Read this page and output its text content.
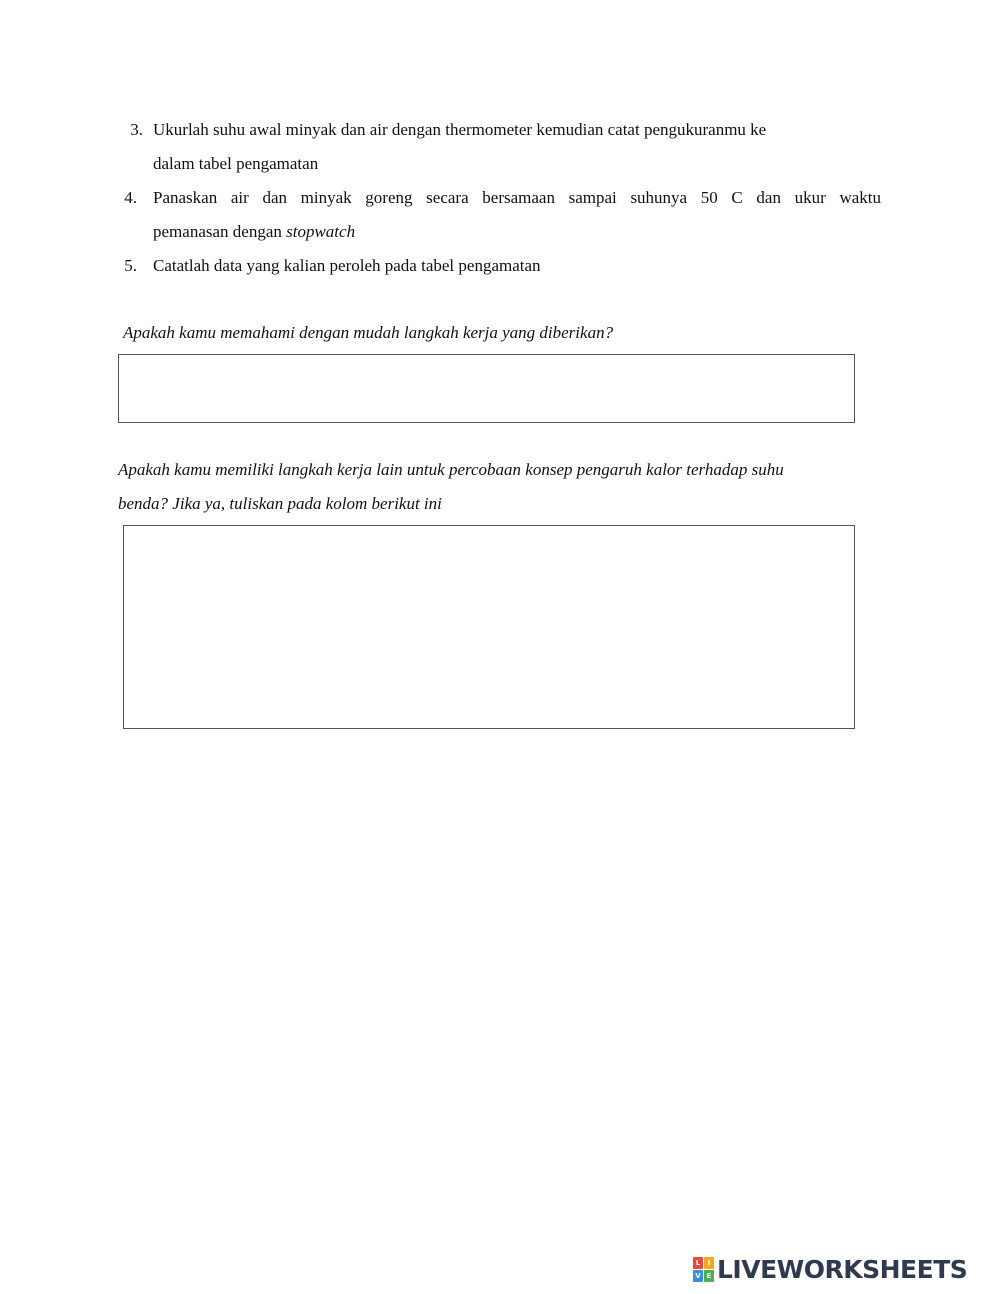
3. Ukurlah suhu awal minyak dan air dengan thermometer kemudian catat pengukuranmu ke
dalam tabel pengamatan
4. Panaskan air dan minyak goreng secara bersamaan sampai suhunya 50 C dan ukur waktu
pemanasan dengan stopwatch
5. Catatlah data yang kalian peroleh pada tabel pengamatan
Apakah kamu memahami dengan mudah langkah kerja yang diberikan?
Apakah kamu memiliki langkah kerja lain untuk percobaan konsep pengaruh kalor terhadap suhu
benda? Jika ya, tuliskan pada kolom berikut ini
L	I
V E LIVEWORKSHEETS
